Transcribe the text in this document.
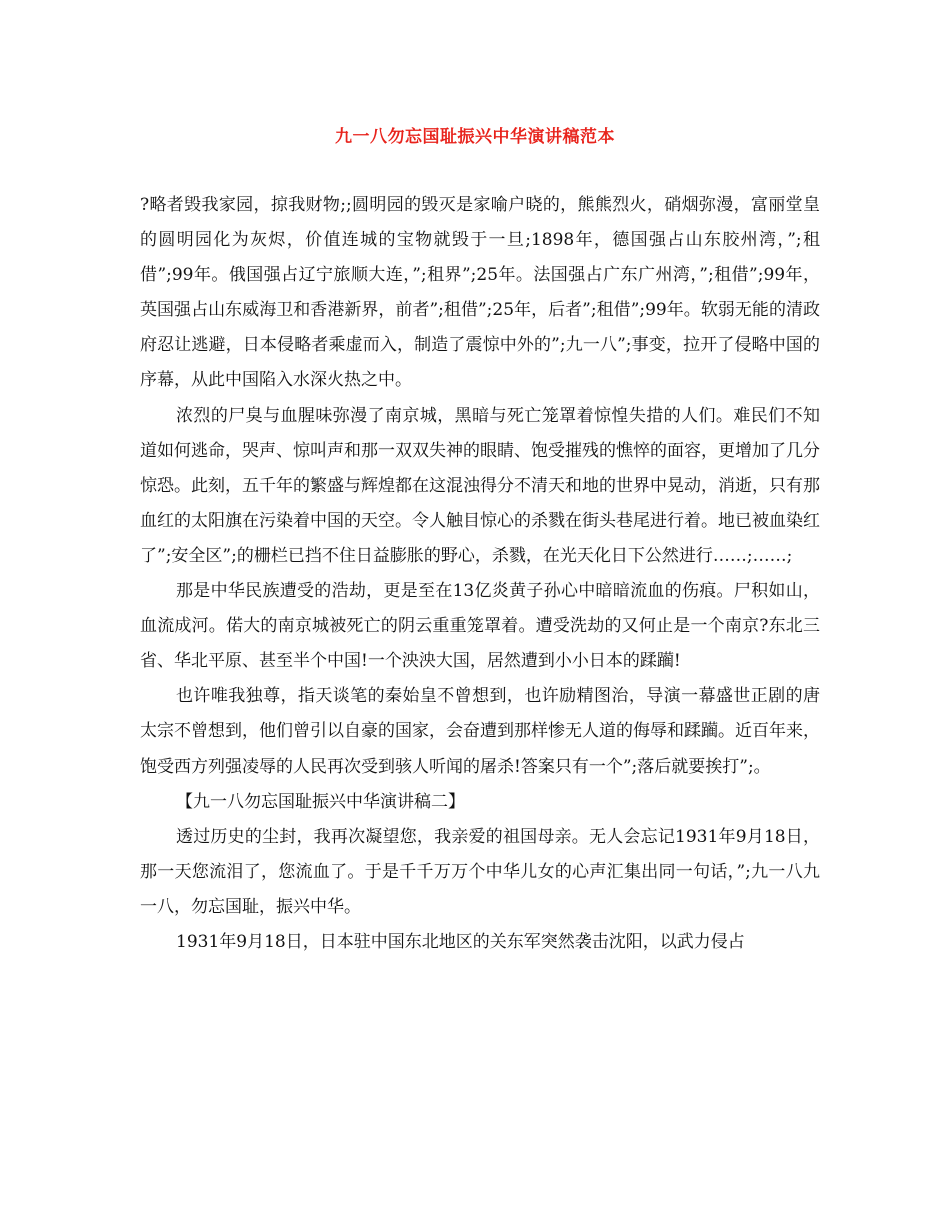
九一八勿忘国耻振兴中华演讲稿范本

?略者毁我家园，掠我财物;;圆明园的毁灭是家喻户晓的，熊熊烈火，硝烟弥漫，富丽堂皇的圆明园化为灰烬，价值连城的宝物就毁于一旦;1898年，德国强占山东胶州湾，”;租借”;99年。俄国强占辽宁旅顺大连，”;租界”;25年。法国强占广东广州湾，”;租借”;99年，英国强占山东威海卫和香港新界，前者”;租借”;25年，后者”;租借”;99年。软弱无能的清政府忍让逃避，日本侵略者乘虚而入，制造了震惊中外的”;九一八”;事变，拉开了侵略中国的序幕，从此中国陷入水深火热之中。

浓烈的尸臭与血腥味弥漫了南京城，黑暗与死亡笼罩着惊惶失措的人们。难民们不知道如何逃命，哭声、惊叫声和那一双双失神的眼睛、饱受摧残的憔悴的面容，更增加了几分惊恐。此刻，五千年的繁盛与辉煌都在这混浊得分不清天和地的世界中晃动，消逝，只有那血红的太阳旗在污染着中国的天空。令人触目惊心的杀戮在街头巷尾进行着。地已被血染红了”;安全区”;的栅栏已挡不住日益膨胀的野心，杀戮，在光天化日下公然进行……;……;

那是中华民族遭受的浩劫，更是至在13亿炎黄子孙心中暗暗流血的伤痕。尸积如山，血流成河。偌大的南京城被死亡的阴云重重笼罩着。遭受洗劫的又何止是一个南京?东北三省、华北平原、甚至半个中国!一个泱泱大国，居然遭到小小日本的蹂躏!

也许唯我独尊，指天谈笔的秦始皇不曾想到，也许励精图治，导演一幕盛世正剧的唐太宗不曾想到，他们曾引以自豪的国家，会奋遭到那样惨无人道的侮辱和蹂躏。近百年来，饱受西方列强凌辱的人民再次受到骇人听闻的屠杀!答案只有一个”;落后就要挨打”;。

【九一八勿忘国耻振兴中华演讲稿二】

透过历史的尘封，我再次凝望您，我亲爱的祖国母亲。无人会忘记1931年9月18日，那一天您流泪了，您流血了。于是千千万万个中华儿女的心声汇集出同一句话，”;九一八九一八，勿忘国耻，振兴中华。

1931年9月18日，日本驻中国东北地区的关东军突然袭击沈阳，以武力侵占
